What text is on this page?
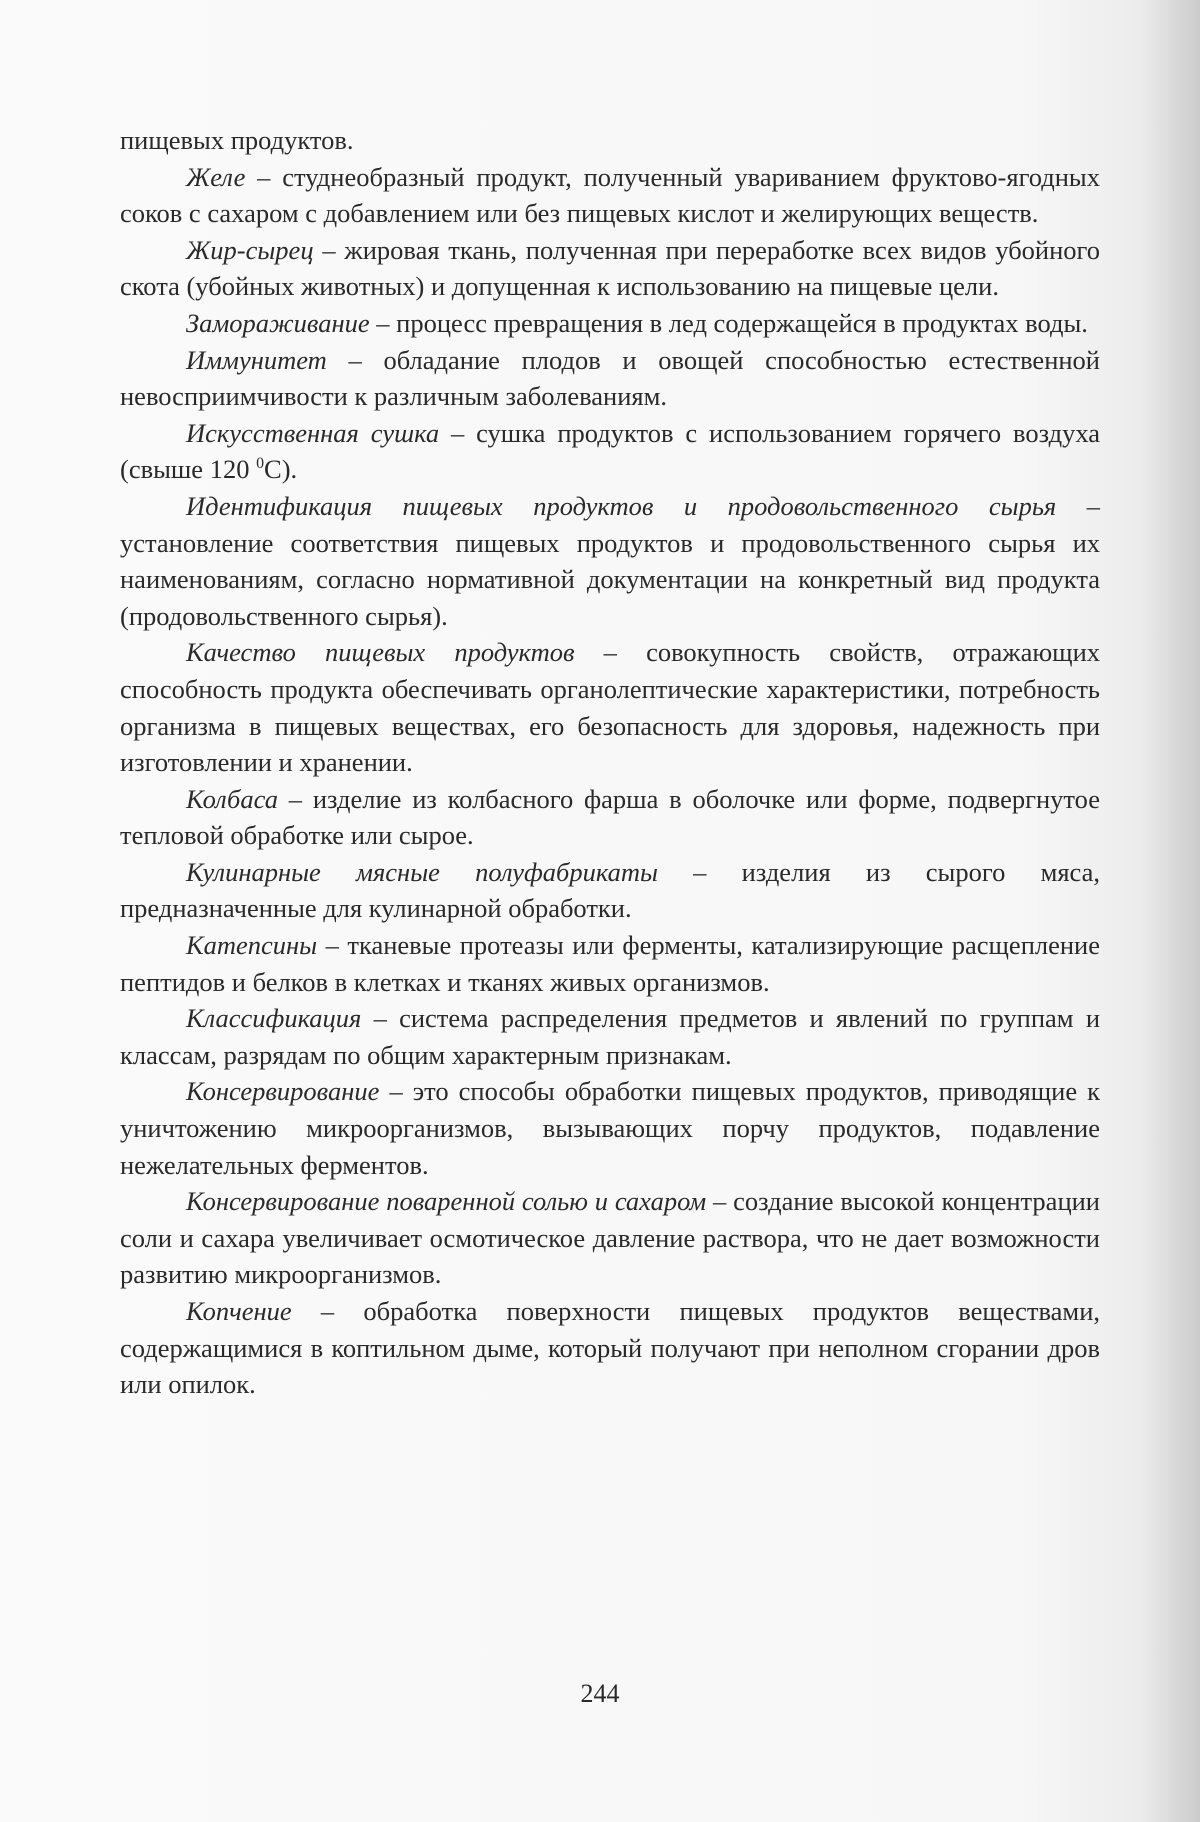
пищевых продуктов.

Желе – студнеобразный продукт, полученный увариванием фруктово-ягодных соков с сахаром с добавлением или без пищевых кислот и желирующих веществ.

Жир-сырец – жировая ткань, полученная при переработке всех видов убойного скота (убойных животных) и допущенная к использованию на пищевые цели.

Замораживание – процесс превращения в лед содержащейся в продуктах воды.

Иммунитет – обладание плодов и овощей способностью естественной невосприимчивости к различным заболеваниям.

Искусственная сушка – сушка продуктов с использованием горячего воздуха (свыше 120 $^0$С).

Идентификация пищевых продуктов и продовольственного сырья – установление соответствия пищевых продуктов и продовольственного сырья их наименованиям, согласно нормативной документации на конкретный вид продукта (продовольственного сырья).

Качество пищевых продуктов – совокупность свойств, отражающих способность продукта обеспечивать органолептические характеристики, потребность организма в пищевых веществах, его безопасность для здоровья, надежность при изготовлении и хранении.

Колбаса – изделие из колбасного фарша в оболочке или форме, подвергнутое тепловой обработке или сырое.

Кулинарные мясные полуфабрикаты – изделия из сырого мяса, предназначенные для кулинарной обработки.

Катепсины – тканевые протеазы или ферменты, катализирующие расщепление пептидов и белков в клетках и тканях живых организмов.

Классификация – система распределения предметов и явлений по группам и классам, разрядам по общим характерным признакам.

Консервирование – это способы обработки пищевых продуктов, приводящие к уничтожению микроорганизмов, вызывающих порчу продуктов, подавление нежелательных ферментов.

Консервирование поваренной солью и сахаром – создание высокой концентрации соли и сахара увеличивает осмотическое давление раствора, что не дает возможности развитию микроорганизмов.

Копчение – обработка поверхности пищевых продуктов веществами, содержащимися в коптильном дыме, который получают при неполном сгорании дров или опилок.

244
